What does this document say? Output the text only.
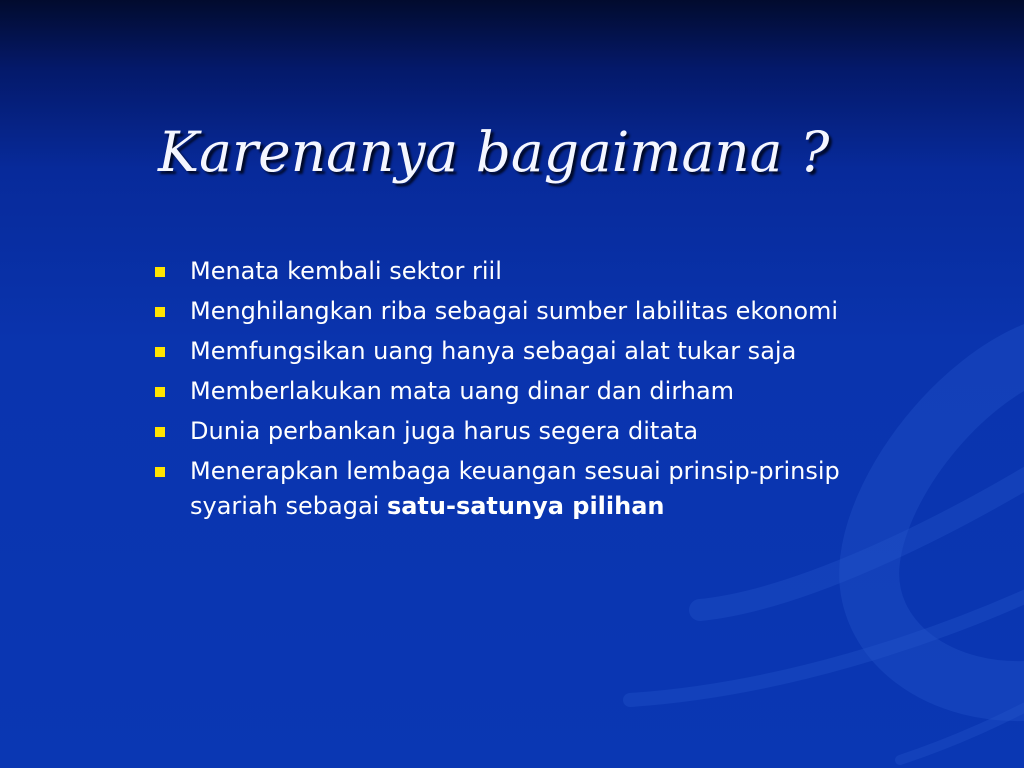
Karenanya bagaimana ?
Menata kembali sektor riil
Menghilangkan riba sebagai sumber labilitas ekonomi
Memfungsikan uang hanya sebagai alat tukar saja
Memberlakukan mata uang dinar dan dirham
Dunia perbankan juga harus segera ditata
Menerapkan lembaga keuangan sesuai prinsip-prinsip syariah sebagai satu-satunya pilihan
